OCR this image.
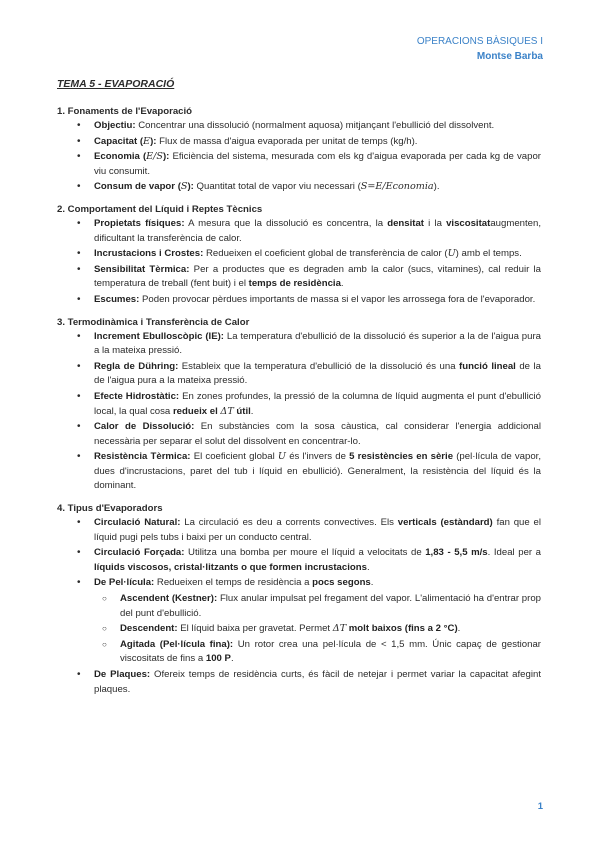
OPERACIONS BÀSIQUES I
Montse Barba
TEMA 5 - EVAPORACIÓ
1. Fonaments de l'Evaporació
• Objectiu: Concentrar una dissolució (normalment aquosa) mitjançant l'ebullició del dissolvent.
• Capacitat (E): Flux de massa d'aigua evaporada per unitat de temps (kg/h).
• Economia (E/S): Eficiència del sistema, mesurada com els kg d'aigua evaporada per cada kg de vapor viu consumit.
• Consum de vapor (S): Quantitat total de vapor viu necessari (S=E/Economia).
2. Comportament del Líquid i Reptes Tècnics
• Propietats físiques: A mesura que la dissolució es concentra, la densitat i la viscositataugmenten, dificultant la transferència de calor.
• Incrustacions i Crostes: Redueixen el coeficient global de transferència de calor (U) amb el temps.
• Sensibilitat Tèrmica: Per a productes que es degraden amb la calor (sucs, vitamines), cal reduir la temperatura de treball (fent buit) i el temps de residència.
• Escumes: Poden provocar pèrdues importants de massa si el vapor les arrossega fora de l'evaporador.
3. Termodinàmica i Transferència de Calor
• Increment Ebulloscòpic (IE): La temperatura d'ebullició de la dissolució és superior a la de l'aigua pura a la mateixa pressió.
• Regla de Dühring: Estableix que la temperatura d'ebullició de la dissolució és una funció lineal de la de l'aigua pura a la mateixa pressió.
• Efecte Hidrostàtic: En zones profundes, la pressió de la columna de líquid augmenta el punt d'ebullició local, la qual cosa redueix el ΔT útil.
• Calor de Dissolució: En substàncies com la sosa càustica, cal considerar l'energia addicional necessària per separar el solut del dissolvent en concentrar-lo.
• Resistència Tèrmica: El coeficient global U és l'invers de 5 resistències en sèrie (pel·lícula de vapor, dues d'incrustacions, paret del tub i líquid en ebullició). Generalment, la resistència del líquid és la dominant.
4. Tipus d'Evaporadors
• Circulació Natural: La circulació es deu a corrents convectives. Els verticals (estàndard) fan que el líquid pugi pels tubs i baixi per un conducto central.
• Circulació Forçada: Utilitza una bomba per moure el líquid a velocitats de 1,83 - 5,5 m/s. Ideal per a líquids viscosos, cristal·litzants o que formen incrustacions.
• De Pel·lícula: Redueixen el temps de residència a pocs segons.
○ Ascendent (Kestner): Flux anular impulsat pel fregament del vapor. L'alimentació ha d'entrar prop del punt d'ebullició.
○ Descendent: El líquid baixa per gravetat. Permet ΔT molt baixos (fins a 2 °C).
○ Agitada (Pel·lícula fina): Un rotor crea una pel·lícula de < 1,5 mm. Únic capaç de gestionar viscositats de fins a 100 P.
• De Plaques: Ofereix temps de residència curts, és fàcil de netejar i permet variar la capacitat afegint plaques.
1
